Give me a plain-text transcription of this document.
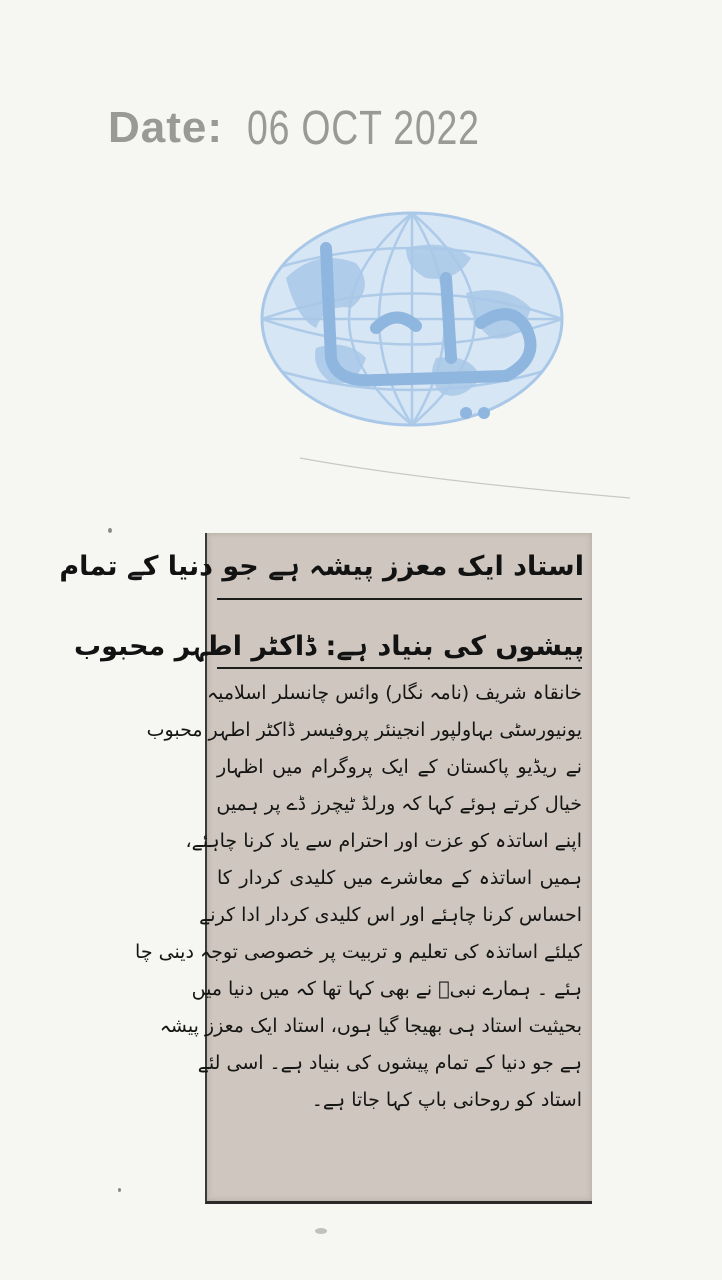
Date: 06 OCT 2022
استاد ایک معزز پیشہ ہے جو دنیا کے تمام
پیشوں کی بنیاد ہے: ڈاکٹر اطہر محبوب
خانقاہ شریف (نامہ نگار) وائس چانسلر اسلامیہ
یونیورسٹی بہاولپور انجینئر پروفیسر ڈاکٹر اطہر محبوب
نے ریڈیو پاکستان کے ایک پروگرام میں اظہار
خیال کرتے ہوئے کہا کہ ورلڈ ٹیچرز ڈے پر ہمیں
اپنے اساتذہ کو عزت اور احترام سے یاد کرنا چاہئے،
ہمیں اساتذہ کے معاشرے میں کلیدی کردار کا
احساس کرنا چاہئے اور اس کلیدی کردار ادا کرنے
کیلئے اساتذہ کی تعلیم و تربیت پر خصوصی توجہ دینی چا
ہئے ۔ ہمارے نبیؐ نے بھی کہا تھا کہ میں دنیا میں
بحیثیت استاد ہی بھیجا گیا ہوں، استاد ایک معزز پیشہ
ہے جو دنیا کے تمام پیشوں کی بنیاد ہے۔ اسی لئے
استاد کو روحانی باپ کہا جاتا ہے۔
